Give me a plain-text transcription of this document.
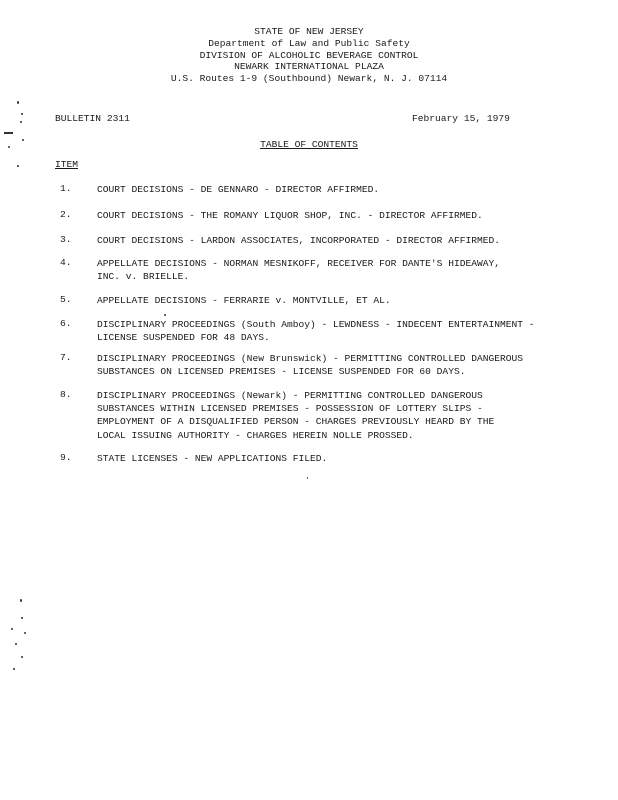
STATE OF NEW JERSEY
Department of Law and Public Safety
DIVISION OF ALCOHOLIC BEVERAGE CONTROL
NEWARK INTERNATIONAL PLAZA
U.S. Routes 1-9 (Southbound) Newark, N. J. 07114
BULLETIN 2311	February 15, 1979
TABLE OF CONTENTS
ITEM
1.	COURT DECISIONS - DE GENNARO - DIRECTOR AFFIRMED.
2.	COURT DECISIONS - THE ROMANY LIQUOR SHOP, INC. - DIRECTOR AFFIRMED.
3.	COURT DECISIONS - LARDON ASSOCIATES, INCORPORATED - DIRECTOR AFFIRMED.
4.	APPELLATE DECISIONS - NORMAN MESNIKOFF, RECEIVER FOR DANTE'S HIDEAWAY,
INC. v. BRIELLE.
5.	APPELLATE DECISIONS - FERRARIE v. MONTVILLE, ET AL.
6.	DISCIPLINARY PROCEEDINGS (South Amboy) - LEWDNESS - INDECENT ENTERTAINMENT -
LICENSE SUSPENDED FOR 48 DAYS.
7.	DISCIPLINARY PROCEEDINGS (New Brunswick) - PERMITTING CONTROLLED DANGEROUS
SUBSTANCES ON LICENSED PREMISES - LICENSE SUSPENDED FOR 60 DAYS.
8.	DISCIPLINARY PROCEEDINGS (Newark) - PERMITTING CONTROLLED DANGEROUS
SUBSTANCES WITHIN LICENSED PREMISES - POSSESSION OF LOTTERY SLIPS -
EMPLOYMENT OF A DISQUALIFIED PERSON - CHARGES PREVIOUSLY HEARD BY THE
LOCAL ISSUING AUTHORITY - CHARGES HEREIN NOLLE PROSSED.
9.	STATE LICENSES - NEW APPLICATIONS FILED.
